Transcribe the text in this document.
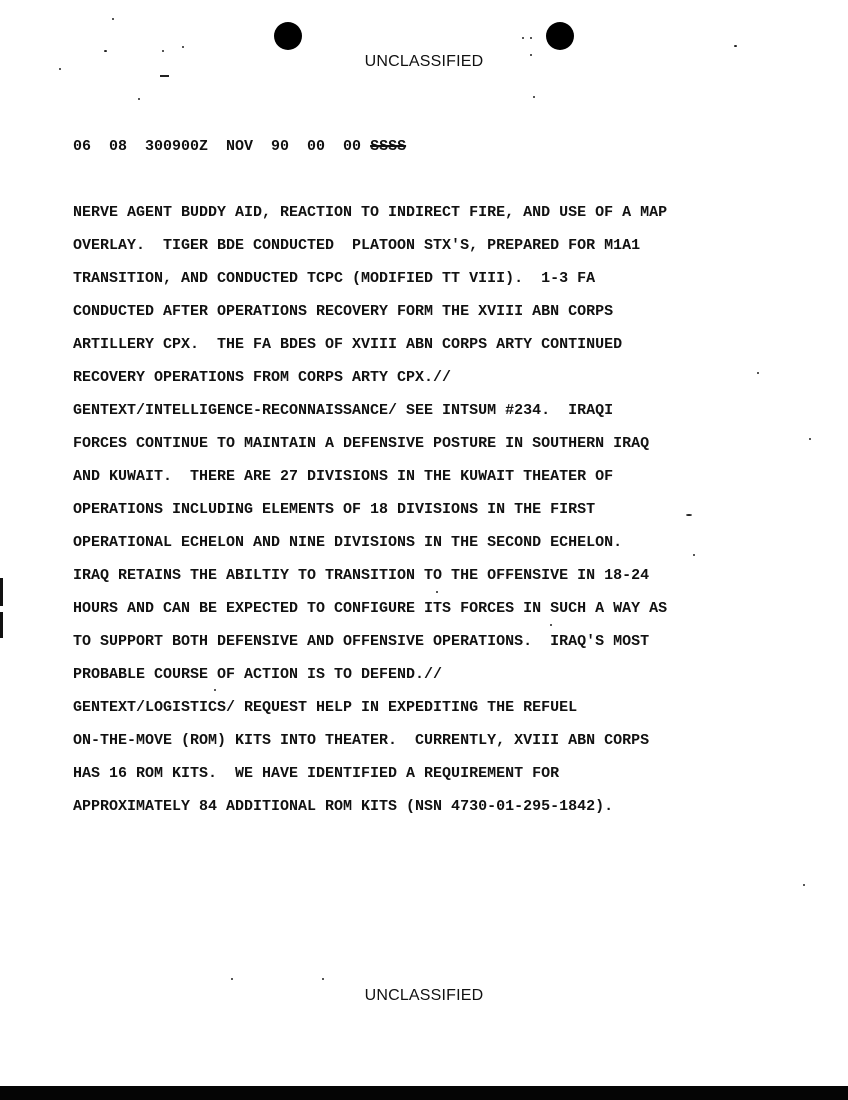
UNCLASSIFIED

06  08  300900Z  NOV  90  00  00 SSSS
NERVE AGENT BUDDY AID, REACTION TO INDIRECT FIRE, AND USE OF A MAP
OVERLAY.  TIGER BDE CONDUCTED  PLATOON STX'S, PREPARED FOR M1A1
TRANSITION, AND CONDUCTED TCPC (MODIFIED TT VIII).  1-3 FA
CONDUCTED AFTER OPERATIONS RECOVERY FORM THE XVIII ABN CORPS
ARTILLERY CPX.  THE FA BDES OF XVIII ABN CORPS ARTY CONTINUED
RECOVERY OPERATIONS FROM CORPS ARTY CPX.//
GENTEXT/INTELLIGENCE-RECONNAISSANCE/ SEE INTSUM #234.  IRAQI
FORCES CONTINUE TO MAINTAIN A DEFENSIVE POSTURE IN SOUTHERN IRAQ
AND KUWAIT.  THERE ARE 27 DIVISIONS IN THE KUWAIT THEATER OF
OPERATIONS INCLUDING ELEMENTS OF 18 DIVISIONS IN THE FIRST
OPERATIONAL ECHELON AND NINE DIVISIONS IN THE SECOND ECHELON.
IRAQ RETAINS THE ABILTIY TO TRANSITION TO THE OFFENSIVE IN 18-24
HOURS AND CAN BE EXPECTED TO CONFIGURE ITS FORCES IN SUCH A WAY AS
TO SUPPORT BOTH DEFENSIVE AND OFFENSIVE OPERATIONS.  IRAQ'S MOST
PROBABLE COURSE OF ACTION IS TO DEFEND.//
GENTEXT/LOGISTICS/ REQUEST HELP IN EXPEDITING THE REFUEL
ON-THE-MOVE (ROM) KITS INTO THEATER.  CURRENTLY, XVIII ABN CORPS
HAS 16 ROM KITS.  WE HAVE IDENTIFIED A REQUIREMENT FOR
APPROXIMATELY 84 ADDITIONAL ROM KITS (NSN 4730-01-295-1842).

UNCLASSIFIED
